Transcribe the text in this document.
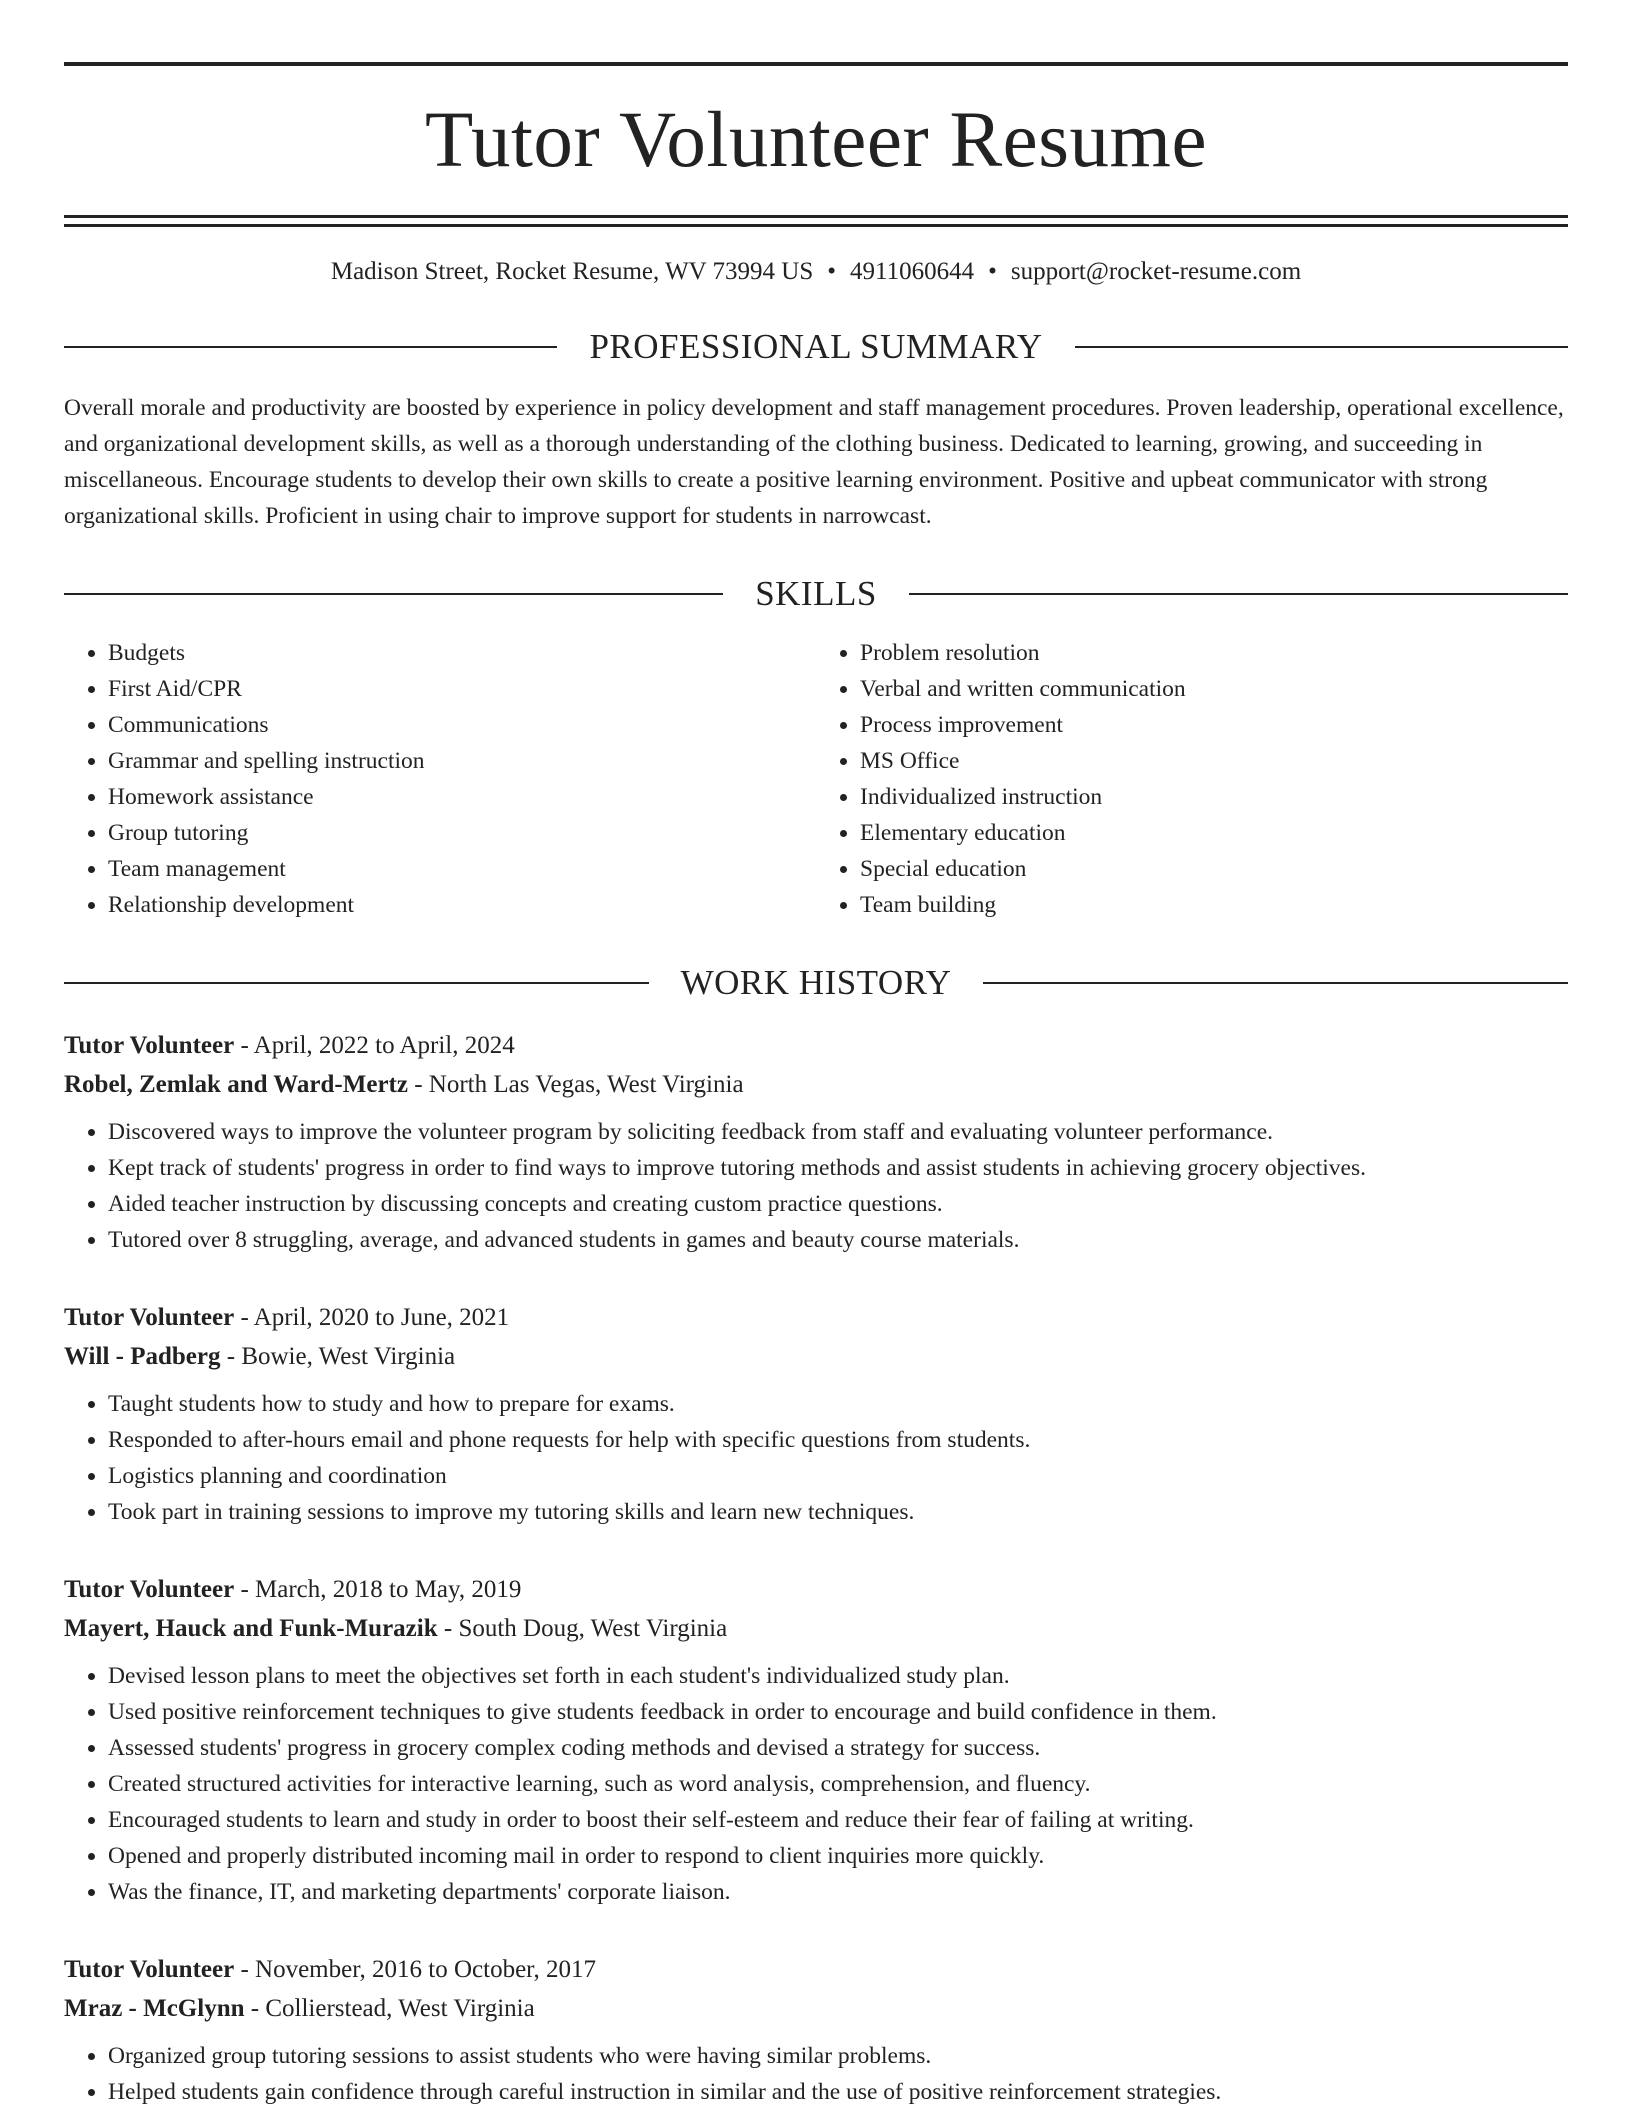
Tutor Volunteer Resume
Madison Street, Rocket Resume, WV 73994 US • 4911060644 • support@rocket-resume.com
PROFESSIONAL SUMMARY
Overall morale and productivity are boosted by experience in policy development and staff management procedures. Proven leadership, operational excellence, and organizational development skills, as well as a thorough understanding of the clothing business. Dedicated to learning, growing, and succeeding in miscellaneous. Encourage students to develop their own skills to create a positive learning environment. Positive and upbeat communicator with strong organizational skills. Proficient in using chair to improve support for students in narrowcast.
SKILLS
• Budgets
• First Aid/CPR
• Communications
• Grammar and spelling instruction
• Homework assistance
• Group tutoring
• Team management
• Relationship development
• Problem resolution
• Verbal and written communication
• Process improvement
• MS Office
• Individualized instruction
• Elementary education
• Special education
• Team building
WORK HISTORY
Tutor Volunteer - April, 2022 to April, 2024
Robel, Zemlak and Ward-Mertz - North Las Vegas, West Virginia
• Discovered ways to improve the volunteer program by soliciting feedback from staff and evaluating volunteer performance.
• Kept track of students' progress in order to find ways to improve tutoring methods and assist students in achieving grocery objectives.
• Aided teacher instruction by discussing concepts and creating custom practice questions.
• Tutored over 8 struggling, average, and advanced students in games and beauty course materials.
Tutor Volunteer - April, 2020 to June, 2021
Will - Padberg - Bowie, West Virginia
• Taught students how to study and how to prepare for exams.
• Responded to after-hours email and phone requests for help with specific questions from students.
• Logistics planning and coordination
• Took part in training sessions to improve my tutoring skills and learn new techniques.
Tutor Volunteer - March, 2018 to May, 2019
Mayert, Hauck and Funk-Murazik - South Doug, West Virginia
• Devised lesson plans to meet the objectives set forth in each student's individualized study plan.
• Used positive reinforcement techniques to give students feedback in order to encourage and build confidence in them.
• Assessed students' progress in grocery complex coding methods and devised a strategy for success.
• Created structured activities for interactive learning, such as word analysis, comprehension, and fluency.
• Encouraged students to learn and study in order to boost their self-esteem and reduce their fear of failing at writing.
• Opened and properly distributed incoming mail in order to respond to client inquiries more quickly.
• Was the finance, IT, and marketing departments' corporate liaison.
Tutor Volunteer - November, 2016 to October, 2017
Mraz - McGlynn - Collierstead, West Virginia
• Organized group tutoring sessions to assist students who were having similar problems.
• Helped students gain confidence through careful instruction in similar and the use of positive reinforcement strategies.
